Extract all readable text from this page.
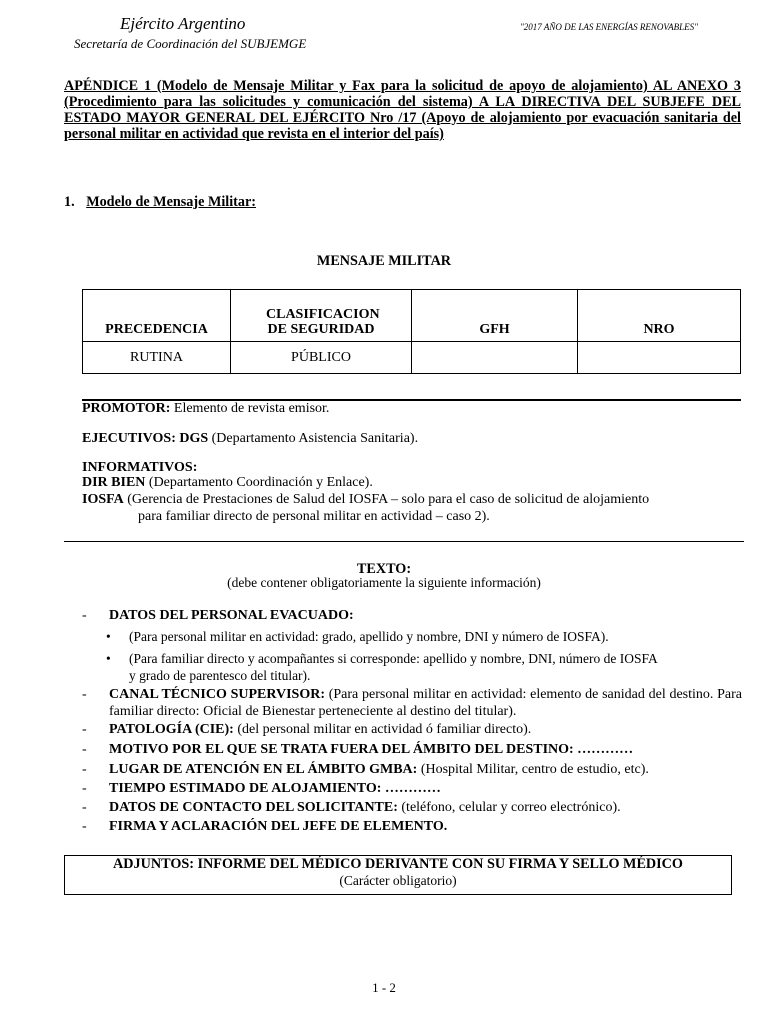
Ejército Argentino
Secretaría de Coordinación del SUBJEMGE
"2017 AÑO DE LAS ENERGÍAS RENOVABLES"
APÉNDICE 1 (Modelo de Mensaje Militar y Fax para la solicitud de apoyo de alojamiento) AL ANEXO 3 (Procedimiento para las solicitudes y comunicación del sistema) A LA DIRECTIVA DEL SUBJEFE DEL ESTADO MAYOR GENERAL DEL EJÉRCITO Nro /17 (Apoyo de alojamiento por evacuación sanitaria del personal militar en actividad que revista en el interior del país)
1. Modelo de Mensaje Militar:
MENSAJE MILITAR
PRECEDENCIA	CLASIFICACION DE SEGURIDAD	GFH	NRO
RUTINA	PÚBLICO		
PROMOTOR: Elemento de revista emisor.
EJECUTIVOS: DGS (Departamento Asistencia Sanitaria).
INFORMATIVOS:
DIR BIEN (Departamento Coordinación y Enlace).
IOSFA (Gerencia de Prestaciones de Salud del IOSFA – solo para el caso de solicitud de alojamiento
para familiar directo de personal militar en actividad – caso 2).
TEXTO:
(debe contener obligatoriamente la siguiente información)
- DATOS DEL PERSONAL EVACUADO:
• (Para personal militar en actividad: grado, apellido y nombre, DNI y número de IOSFA).
• (Para familiar directo y acompañantes si corresponde: apellido y nombre, DNI, número de IOSFA
y grado de parentesco del titular).
- CANAL TÉCNICO SUPERVISOR: (Para personal militar en actividad: elemento de sanidad del destino. Para familiar directo: Oficial de Bienestar perteneciente al destino del titular).
- PATOLOGÍA (CIE): (del personal militar en actividad ó familiar directo).
- MOTIVO POR EL QUE SE TRATA FUERA DEL ÁMBITO DEL DESTINO: …………
- LUGAR DE ATENCIÓN EN EL ÁMBITO GMBA: (Hospital Militar, centro de estudio, etc).
- TIEMPO ESTIMADO DE ALOJAMIENTO: …………
- DATOS DE CONTACTO DEL SOLICITANTE: (teléfono, celular y correo electrónico).
- FIRMA Y ACLARACIÓN DEL JEFE DE ELEMENTO.
ADJUNTOS: INFORME DEL MÉDICO DERIVANTE CON SU FIRMA Y SELLO MÉDICO
(Carácter obligatorio)
1 - 2
